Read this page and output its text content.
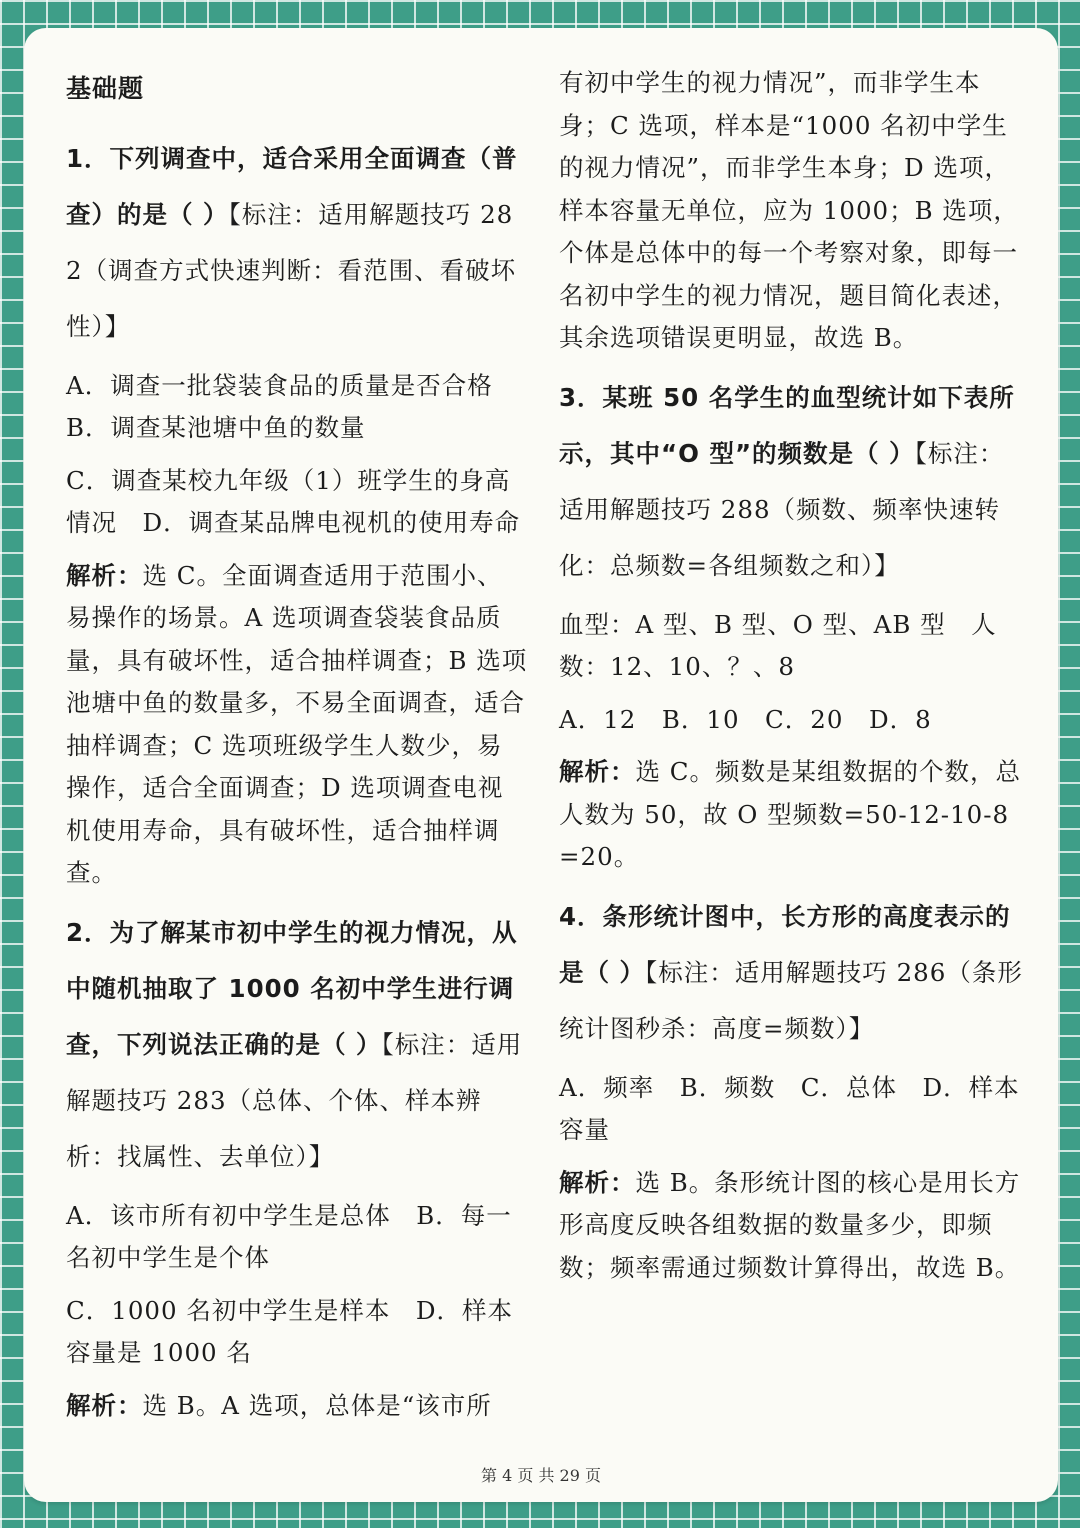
基础题

1．下列调查中，适合采用全面调查（普查）的是（ ）【标注：适用解题技巧 282（调查方式快速判断：看范围、看破坏性）】

A．调查一批袋装食品的质量是否合格

B．调查某池塘中鱼的数量

C．调查某校九年级（1）班学生的身高情况　D．调查某品牌电视机的使用寿命

解析：选 C。全面调查适用于范围小、易操作的场景。A 选项调查袋装食品质量，具有破坏性，适合抽样调查；B 选项池塘中鱼的数量多，不易全面调查，适合抽样调查；C 选项班级学生人数少，易操作，适合全面调查；D 选项调查电视机使用寿命，具有破坏性，适合抽样调查。

2．为了解某市初中学生的视力情况，从中随机抽取了 1000 名初中学生进行调查，下列说法正确的是（ ）【标注：适用解题技巧 283（总体、个体、样本辨析：找属性、去单位）】

A．该市所有初中学生是总体　B．每一名初中学生是个体

C．1000 名初中学生是样本　D．样本容量是 1000 名

解析：选 B。A 选项，总体是“该市所

有初中学生的视力情况”，而非学生本身；C 选项，样本是“1000 名初中学生的视力情况”，而非学生本身；D 选项，样本容量无单位，应为 1000；B 选项，个体是总体中的每一个考察对象，即每一名初中学生的视力情况，题目简化表述，其余选项错误更明显，故选 B。

3．某班 50 名学生的血型统计如下表所示，其中“O 型”的频数是（ ）【标注：适用解题技巧 288（频数、频率快速转化：总频数=各组频数之和）】

血型：A 型、B 型、O 型、AB 型　人数：12、10、？、8

A．12　B．10　C．20　D．8

解析：选 C。频数是某组数据的个数，总人数为 50，故 O 型频数=50-12-10-8=20。

4．条形统计图中，长方形的高度表示的是（ ）【标注：适用解题技巧 286（条形统计图秒杀：高度=频数）】

A．频率　B．频数　C．总体　D．样本容量

解析：选 B。条形统计图的核心是用长方形高度反映各组数据的数量多少，即频数；频率需通过频数计算得出，故选 B。

第 4 页 共 29 页
